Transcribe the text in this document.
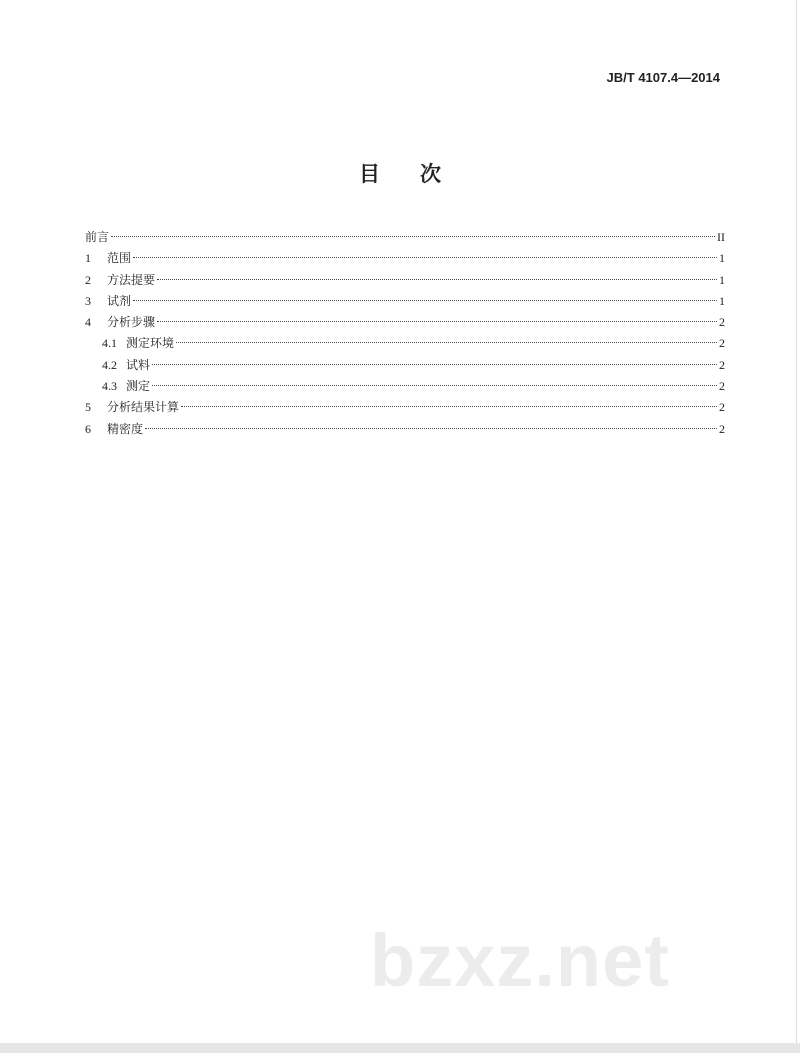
JB/T 4107.4—2014
目次
前言	II
1	范围	1
2	方法提要	1
3	试剂	1
4	分析步骤	2
4.1 测定环境	2
4.2 试料	2
4.3 测定	2
5	分析结果计算	2
6	精密度	2
bzxz.net
